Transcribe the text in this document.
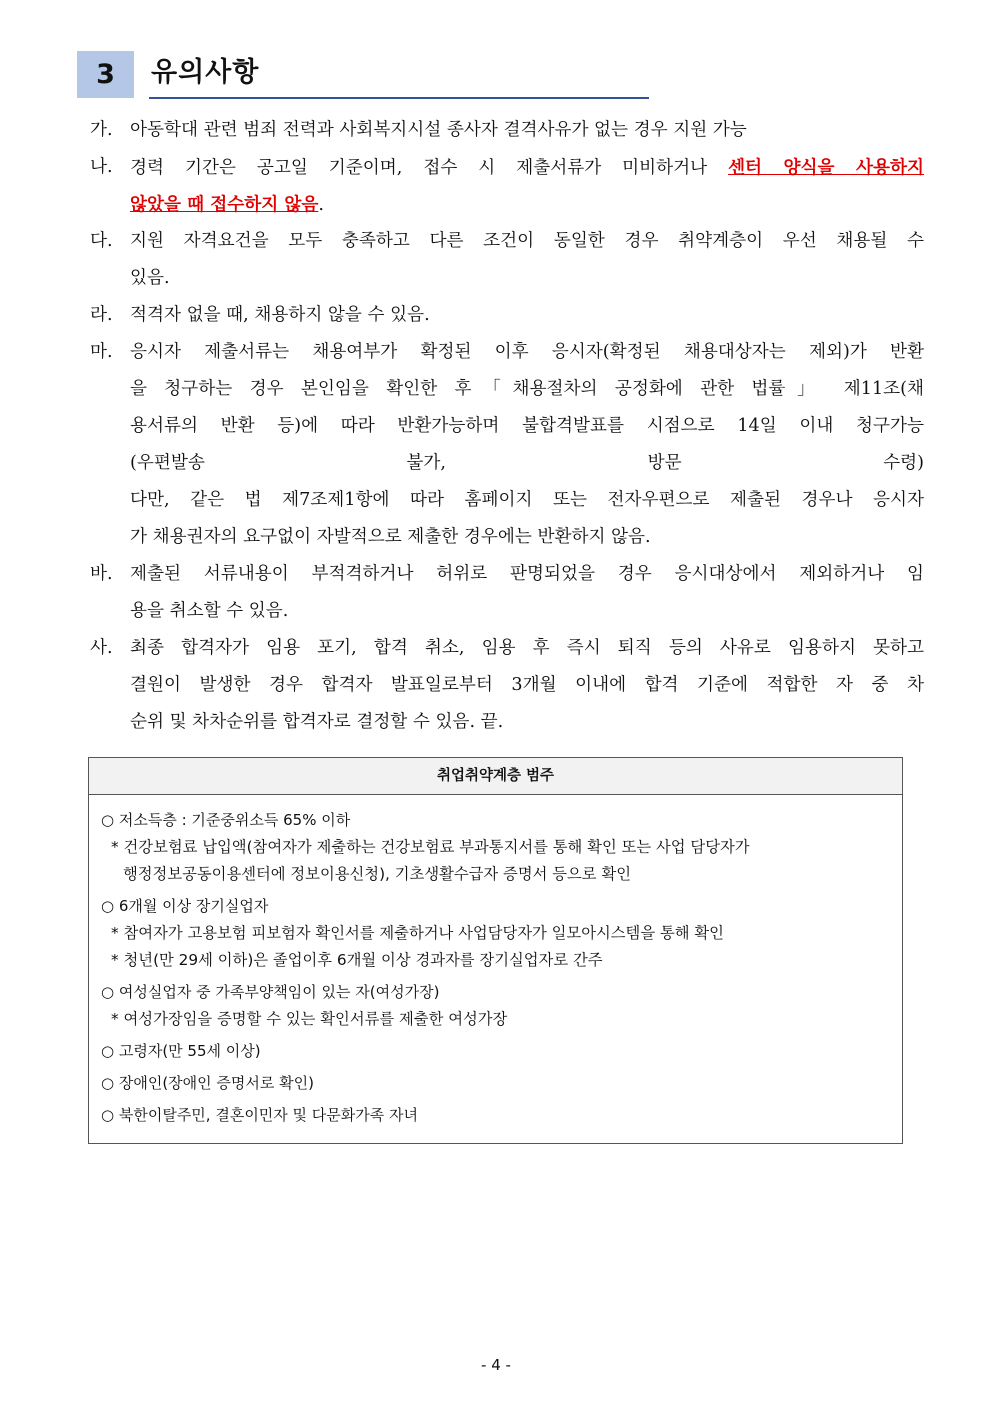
3	유의사항
가. 아동학대 관련 범죄 전력과 사회복지시설 종사자 결격사유가 없는 경우 지원 가능
나. 경력 기간은 공고일 기준이며, 접수 시 제출서류가 미비하거나 센터 양식을 사용하지
않았을 때 접수하지 않음.
다. 지원 자격요건을 모두 충족하고 다른 조건이 동일한 경우 취약계층이 우선 채용될 수
있음.
라. 적격자 없을 때, 채용하지 않을 수 있음.
마. 응시자 제출서류는 채용여부가 확정된 이후 응시자(확정된 채용대상자는 제외)가 반환
을 청구하는 경우 본인임을 확인한 후「채용절차의 공정화에 관한 법률」 제11조(채
용서류의 반환 등)에 따라 반환가능하며 불합격발표를 시점으로 14일 이내 청구가능
(우편발송 불가, 방문 수령)
다만, 같은 법 제7조제1항에 따라 홈페이지 또는 전자우편으로 제출된 경우나 응시자
가 채용권자의 요구없이 자발적으로 제출한 경우에는 반환하지 않음.
바. 제출된 서류내용이 부적격하거나 허위로 판명되었을 경우 응시대상에서 제외하거나 임
용을 취소할 수 있음.
사. 최종 합격자가 임용 포기, 합격 취소, 임용 후 즉시 퇴직 등의 사유로 임용하지 못하고
결원이 발생한 경우 합격자 발표일로부터 3개월 이내에 합격 기준에 적합한 자 중 차
순위 및 차차순위를 합격자로 결정할 수 있음. 끝.
취업취약계층 범주
○ 저소득층 : 기준중위소득 65% 이하
* 건강보험료 납입액(참여자가 제출하는 건강보험료 부과통지서를 통해 확인 또는 사업 담당자가
행정정보공동이용센터에 정보이용신청), 기초생활수급자 증명서 등으로 확인
○ 6개월 이상 장기실업자
* 참여자가 고용보험 피보험자 확인서를 제출하거나 사업담당자가 일모아시스템을 통해 확인
* 청년(만 29세 이하)은 졸업이후 6개월 이상 경과자를 장기실업자로 간주
○ 여성실업자 중 가족부양책임이 있는 자(여성가장)
* 여성가장임을 증명할 수 있는 확인서류를 제출한 여성가장
○ 고령자(만 55세 이상)
○ 장애인(장애인 증명서로 확인)
○ 북한이탈주민, 결혼이민자 및 다문화가족 자녀
- 4 -
